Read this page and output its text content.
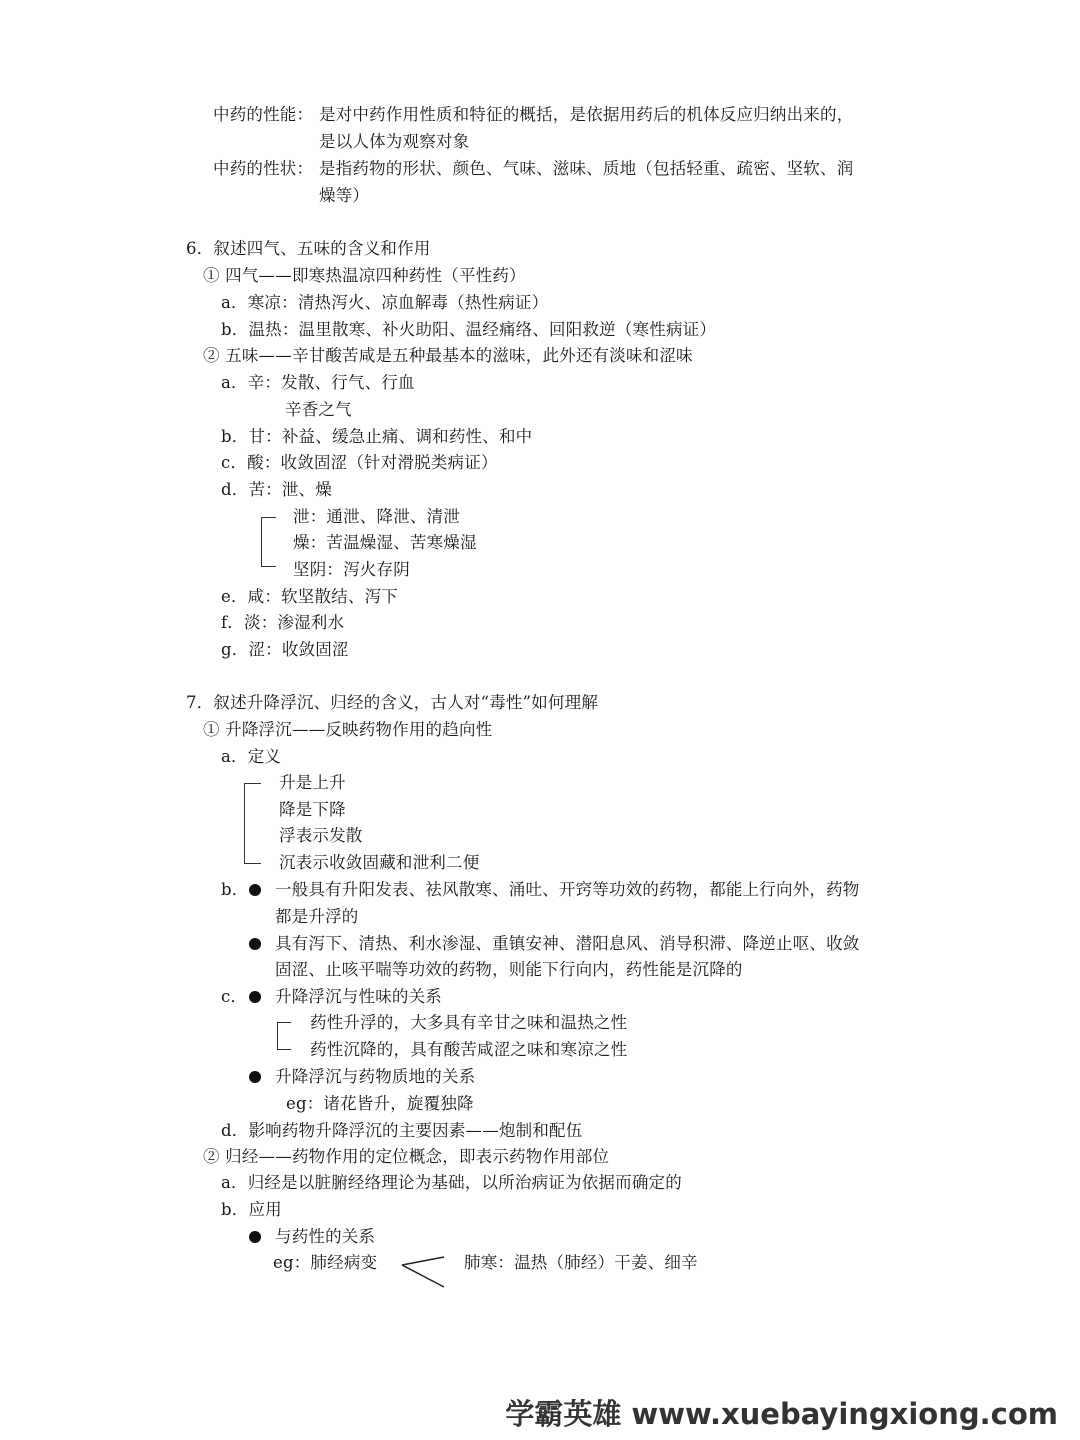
中药的性能： 是对中药作用性质和特征的概括，是依据用药后的机体反应归纳出来的，
是以人体为观察对象
中药的性状： 是指药物的形状、颜色、气味、滋味、质地（包括轻重、疏密、坚软、润
燥等）
6．叙述四气、五味的含义和作用
① 四气——即寒热温凉四种药性（平性药）
a．寒凉：清热泻火、凉血解毒（热性病证）
b．温热：温里散寒、补火助阳、温经痛络、回阳救逆（寒性病证）
② 五味——辛甘酸苦咸是五种最基本的滋味，此外还有淡味和涩味
a．辛：发散、行气、行血
辛香之气
b．甘：补益、缓急止痛、调和药性、和中
c．酸：收敛固涩（针对滑脱类病证）
d．苦：泄、燥
泄：通泄、降泄、清泄
燥：苦温燥湿、苦寒燥湿
坚阴：泻火存阴
e．咸：软坚散结、泻下
f．淡：渗湿利水
g．涩：收敛固涩
7．叙述升降浮沉、归经的含义，古人对“毒性”如何理解
① 升降浮沉——反映药物作用的趋向性
a．定义
升是上升
降是下降
浮表示发散
沉表示收敛固藏和泄利二便
b． 一般具有升阳发表、祛风散寒、涌吐、开窍等功效的药物，都能上行向外，药物
都是升浮的
具有泻下、清热、利水渗湿、重镇安神、潜阳息风、消导积滞、降逆止呕、收敛
固涩、止咳平喘等功效的药物，则能下行向内，药性能是沉降的
c． 升降浮沉与性味的关系
药性升浮的，大多具有辛甘之味和温热之性
药性沉降的，具有酸苦咸涩之味和寒凉之性
升降浮沉与药物质地的关系
eg：诸花皆升，旋覆独降
d．影响药物升降浮沉的主要因素——炮制和配伍
② 归经——药物作用的定位概念，即表示药物作用部位
a．归经是以脏腑经络理论为基础，以所治病证为依据而确定的
b．应用
与药性的关系
eg：肺经病变	肺寒：温热（肺经）干姜、细辛
学霸英雄 www.xuebayingxiong.com
